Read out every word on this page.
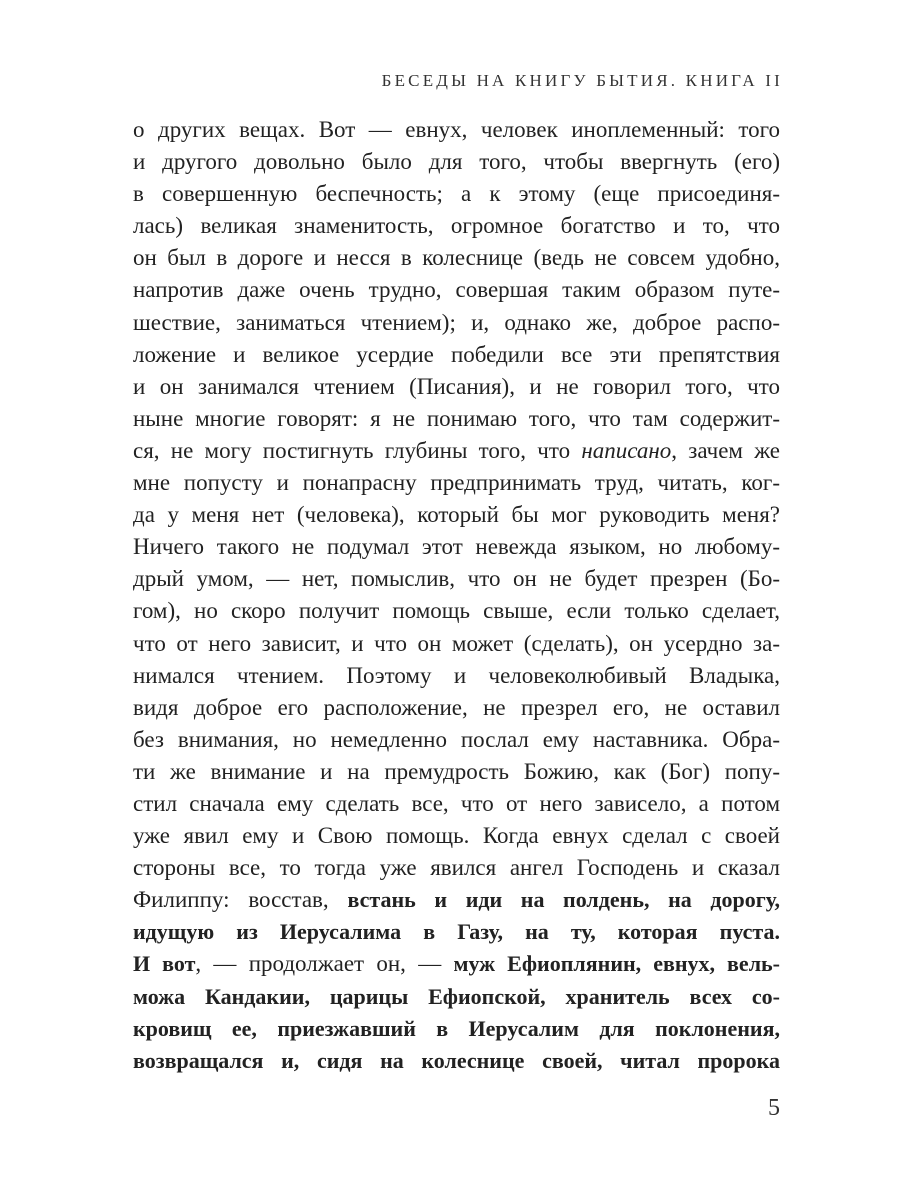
БЕСЕДЫ НА КНИГУ БЫТИЯ. КНИГА II
о других вещах. Вот — евнух, человек иноплеменный: того
и другого довольно было для того, чтобы ввергнуть (его)
в совершенную беспечность; а к этому (еще присоединя-
лась) великая знаменитость, огромное богатство и то, что
он был в дороге и несся в колеснице (ведь не совсем удобно,
напротив даже очень трудно, совершая таким образом путе-
шествие, заниматься чтением); и, однако же, доброе распо-
ложение и великое усердие победили все эти препятствия
и он занимался чтением (Писания), и не говорил того, что
ныне многие говорят: я не понимаю того, что там содержит-
ся, не могу постигнуть глубины того, что написано, зачем же
мне попусту и понапрасну предпринимать труд, читать, ког-
да у меня нет (человека), который бы мог руководить меня?
Ничего такого не подумал этот невежда языком, но любому-
дрый умом, — нет, помыслив, что он не будет презрен (Бо-
гом), но скоро получит помощь свыше, если только сделает,
что от него зависит, и что он может (сделать), он усердно за-
нимался чтением. Поэтому и человеколюбивый Владыка,
видя доброе его расположение, не презрел его, не оставил
без внимания, но немедленно послал ему наставника. Обра-
ти же внимание и на премудрость Божию, как (Бог) попу-
стил сначала ему сделать все, что от него зависело, а потом
уже явил ему и Свою помощь. Когда евнух сделал с своей
стороны все, то тогда уже явился ангел Господень и сказал
Филиппу: восстав, встань и иди на полдень, на дорогу,
идущую из Иерусалима в Газу, на ту, которая пуста.
И вот, — продолжает он, — муж Ефиоплянин, евнух, вель-
можа Кандакии, царицы Ефиопской, хранитель всех со-
кровищ ее, приезжавший в Иерусалим для поклонения,
возвращался и, сидя на колеснице своей, читал пророка
5
